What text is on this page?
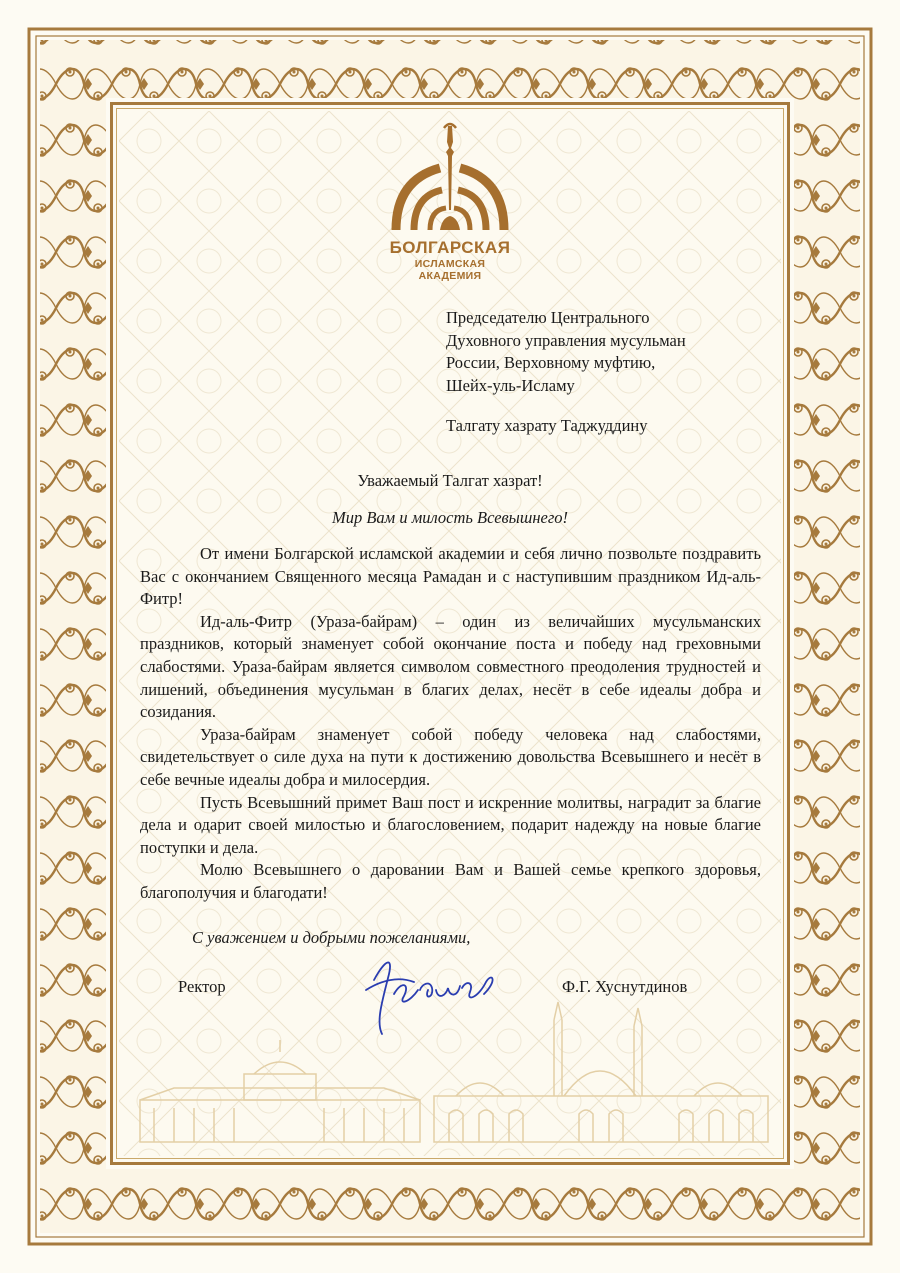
БОЛГАРСКАЯ
ИСЛАМСКАЯ АКАДЕМИЯ
Председателю Центрального
Духовного управления мусульман
России, Верховному муфтию,
Шейх-уль-Исламу
Талгату хазрату Таджуддину
Уважаемый Талгат хазрат!
Мир Вам и милость Всевышнего!

От имени Болгарской исламской академии и себя лично позвольте поздравить Вас с окончанием Священного месяца Рамадан и с наступившим праздником Ид-аль-Фитр!

Ид-аль-Фитр (Ураза-байрам) – один из величайших мусульманских праздников, который знаменует собой окончание поста и победу над греховными слабостями. Ураза-байрам является символом совместного преодоления трудностей и лишений, объединения мусульман в благих делах, несёт в себе идеалы добра и созидания.

Ураза-байрам знаменует собой победу человека над слабостями, свидетельствует о силе духа на пути к достижению довольства Всевышнего и несёт в себе вечные идеалы добра и милосердия.

Пусть Всевышний примет Ваш пост и искренние молитвы, наградит за благие дела и одарит своей милостью и благословением, подарит надежду на новые благие поступки и дела.

Молю Всевышнего о даровании Вам и Вашей семье крепкого здоровья, благополучия и благодати!

С уважением и добрыми пожеланиями,
Ректор	Ф.Г. Хуснутдинов
